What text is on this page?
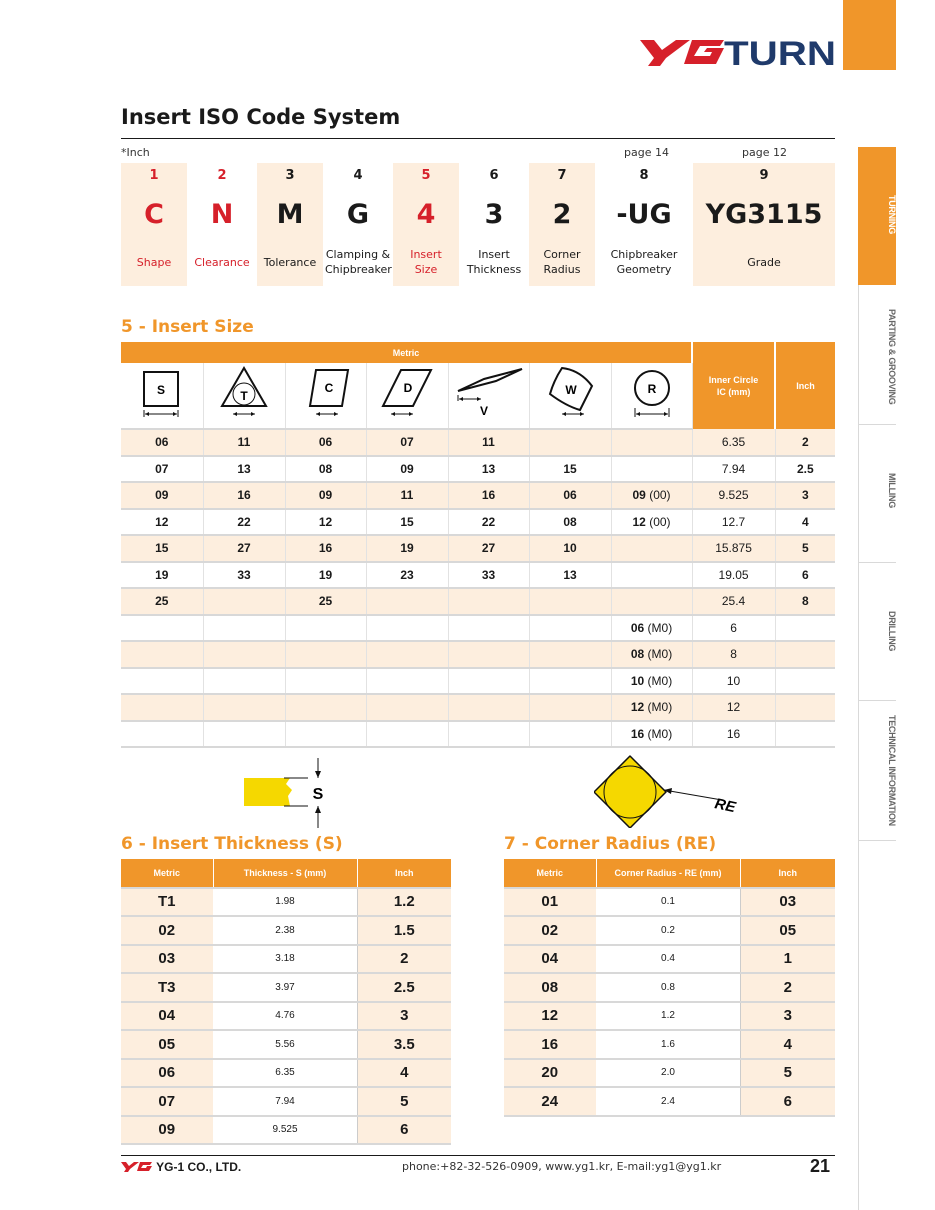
TURN
TURNING
PARTING & GROOVING
MILLING
DRILLING
TECHNICAL INFORMATION
Insert ISO Code System
*Inch	page 14	page 12
1
C
Shape
2
N
Clearance
3
M
Tolerance
4
G
Clamping &
Chipbreaker
5
4
Insert
Size
6
3
Insert
Thickness
7
2
Corner
Radius
8
-UG
Chipbreaker
Geometry
9
YG3115
Grade
5 - Insert Size
Metric							Inner Circle
IC (mm)	Inch

S	T	C	D	V	W	R		

06	11	06	07	11			6.35	2
07	13	08	09	13	15		7.94	2.5
09	16	09	11	16	06	09 (00)	9.525	3
12	22	12	15	22	08	12 (00)	12.7	4
15	27	16	19	27	10		15.875	5
19	33	19	23	33	13		19.05	6
25		25					25.4	8
						06 (M0)	6	
						08 (M0)	8	
						10 (M0)	10	
						12 (M0)	12	
						16 (M0)	16	
S
RE
6 - Insert Thickness (S)
Metric	Thickness - S (mm)	Inch
T1	1.98	1.2
02	2.38	1.5
03	3.18	2
T3	3.97	2.5
04	4.76	3
05	5.56	3.5
06	6.35	4
07	7.94	5
09	9.525	6
7 - Corner Radius (RE)
Metric	Corner Radius - RE (mm)	Inch
01	0.1	03
02	0.2	05
04	0.4	1
08	0.8	2
12	1.2	3
16	1.6	4
20	2.0	5
24	2.4	6
YG-1 CO., LTD.	phone:+82-32-526-0909, www.yg1.kr, E-mail:yg1@yg1.kr	21
